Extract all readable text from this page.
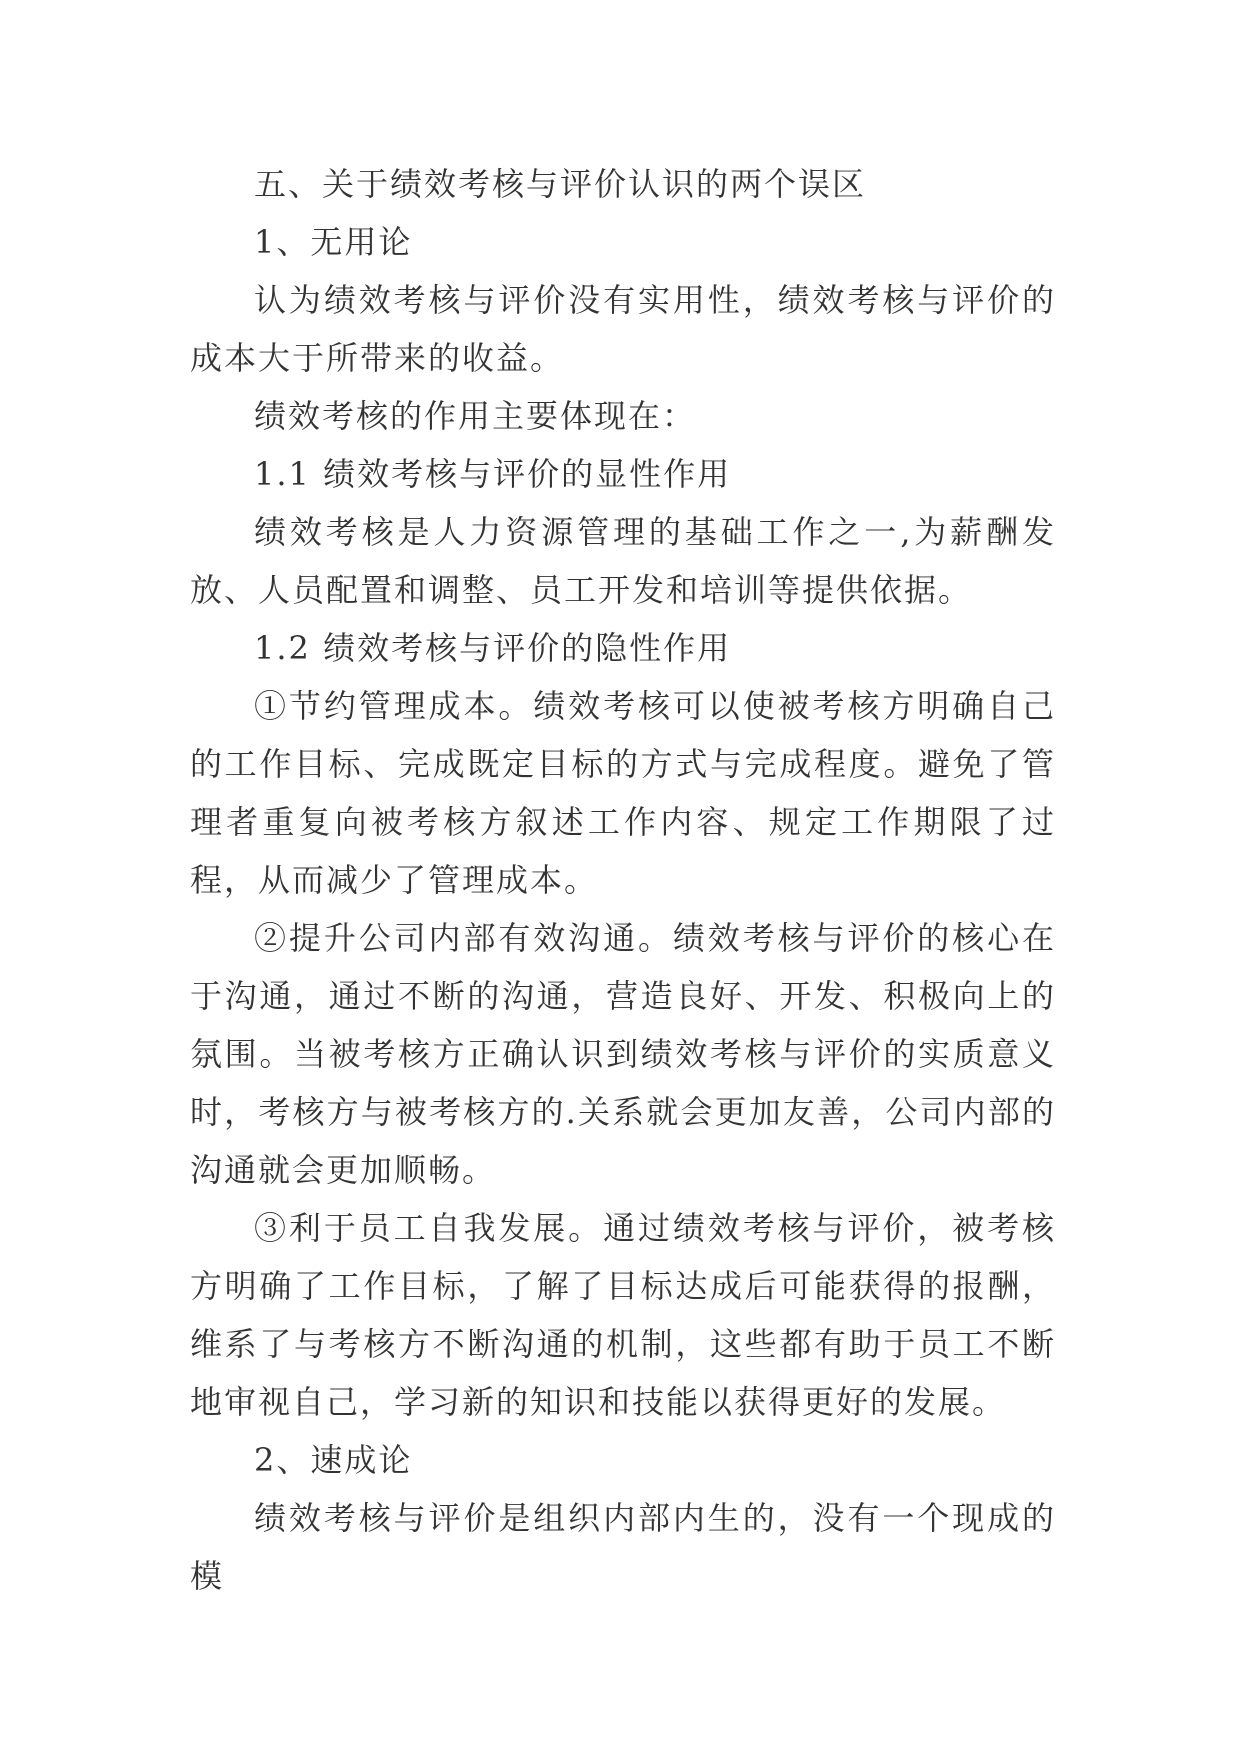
五、关于绩效考核与评价认识的两个误区

1、无用论

认为绩效考核与评价没有实用性，绩效考核与评价的成本大于所带来的收益。

绩效考核的作用主要体现在：

1.1 绩效考核与评价的显性作用

绩效考核是人力资源管理的基础工作之一,为薪酬发放、人员配置和调整、员工开发和培训等提供依据。

1.2 绩效考核与评价的隐性作用

①节约管理成本。绩效考核可以使被考核方明确自己的工作目标、完成既定目标的方式与完成程度。避免了管理者重复向被考核方叙述工作内容、规定工作期限了过程，从而减少了管理成本。

②提升公司内部有效沟通。绩效考核与评价的核心在于沟通，通过不断的沟通，营造良好、开发、积极向上的氛围。当被考核方正确认识到绩效考核与评价的实质意义时，考核方与被考核方的.关系就会更加友善，公司内部的沟通就会更加顺畅。

③利于员工自我发展。通过绩效考核与评价，被考核方明确了工作目标，了解了目标达成后可能获得的报酬，维系了与考核方不断沟通的机制，这些都有助于员工不断地审视自己，学习新的知识和技能以获得更好的发展。

2、速成论

绩效考核与评价是组织内部内生的，没有一个现成的模
